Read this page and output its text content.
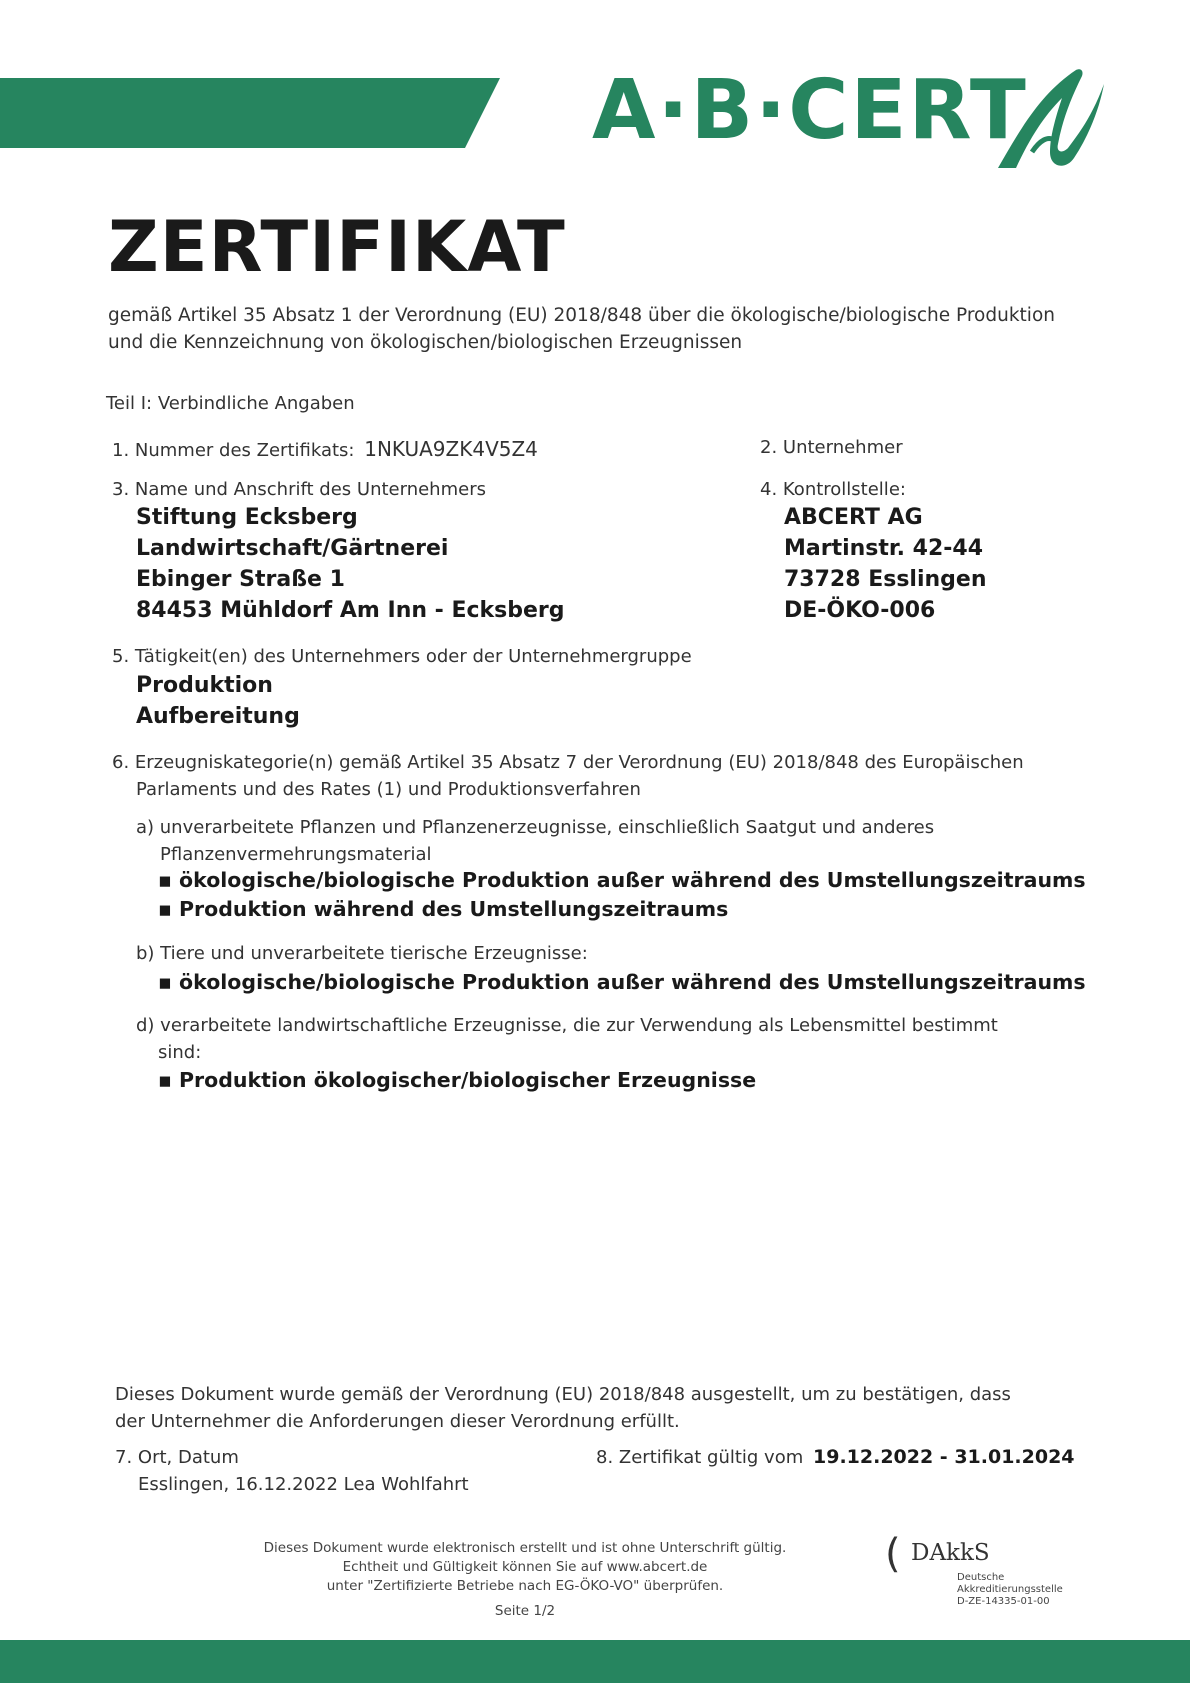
A·B·CERT
ZERTIFIKAT
gemäß Artikel 35 Absatz 1 der Verordnung (EU) 2018/848 über die ökologische/biologische Produktion
und die Kennzeichnung von ökologischen/biologischen Erzeugnissen
Teil I: Verbindliche Angaben
1. Nummer des Zertifikats: 1NKUA9ZK4V5Z4	2. Unternehmer
3. Name und Anschrift des Unternehmers
Stiftung Ecksberg
Landwirtschaft/Gärtnerei
Ebinger Straße 1
84453 Mühldorf Am Inn - Ecksberg
4. Kontrollstelle:
ABCERT AG
Martinstr. 42-44
73728 Esslingen
DE-ÖKO-006
5. Tätigkeit(en) des Unternehmers oder der Unternehmergruppe
Produktion
Aufbereitung
6. Erzeugniskategorie(n) gemäß Artikel 35 Absatz 7 der Verordnung (EU) 2018/848 des Europäischen
Parlaments und des Rates (1) und Produktionsverfahren
a) unverarbeitete Pflanzen und Pflanzenerzeugnisse, einschließlich Saatgut und anderes
Pflanzenvermehrungsmaterial
▪ ökologische/biologische Produktion außer während des Umstellungszeitraums
▪ Produktion während des Umstellungszeitraums
b) Tiere und unverarbeitete tierische Erzeugnisse:
▪ ökologische/biologische Produktion außer während des Umstellungszeitraums
d) verarbeitete landwirtschaftliche Erzeugnisse, die zur Verwendung als Lebensmittel bestimmt
sind:
▪ Produktion ökologischer/biologischer Erzeugnisse
Dieses Dokument wurde gemäß der Verordnung (EU) 2018/848 ausgestellt, um zu bestätigen, dass
der Unternehmer die Anforderungen dieser Verordnung erfüllt.
7. Ort, Datum
Esslingen, 16.12.2022 Lea Wohlfahrt
8. Zertifikat gültig vom 19.12.2022 - 31.01.2024
Dieses Dokument wurde elektronisch erstellt und ist ohne Unterschrift gültig.
Echtheit und Gültigkeit können Sie auf www.abcert.de
unter "Zertifizierte Betriebe nach EG-ÖKO-VO" überprüfen.
Seite 1/2
( DAkkS
Deutsche
Akkreditierungsstelle
D-ZE-14335-01-00
